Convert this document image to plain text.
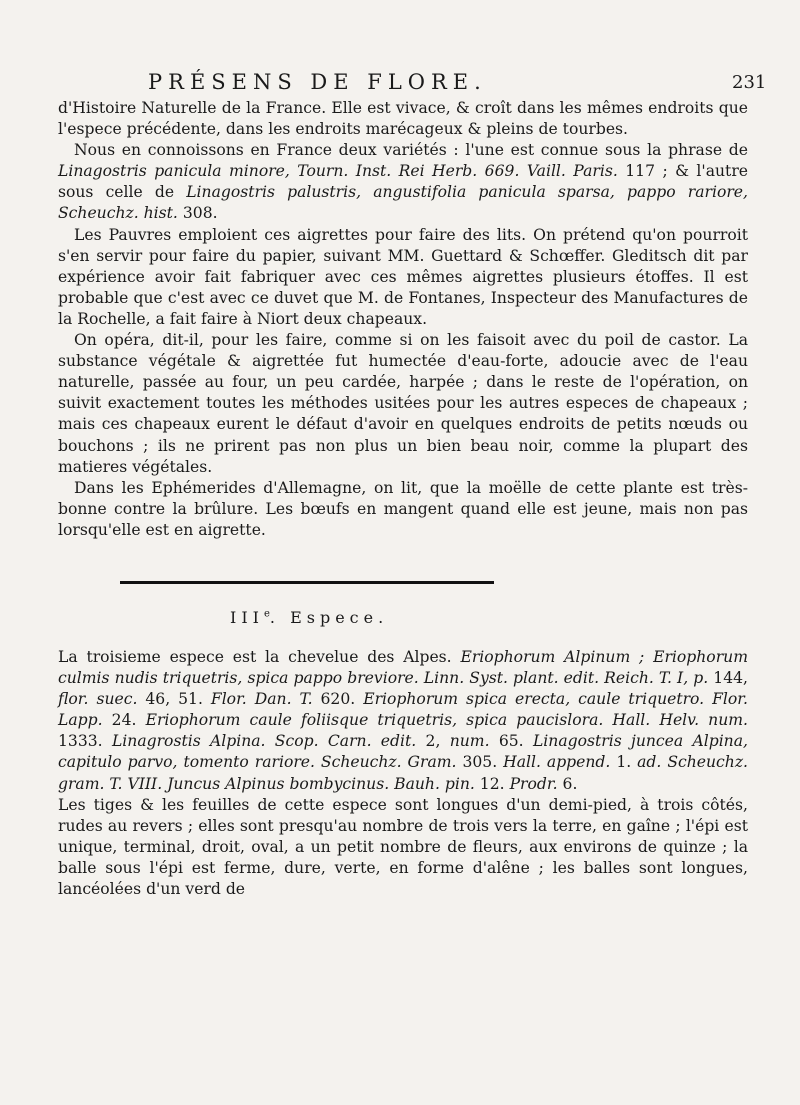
PRÉSENS DE FLORE.	231

d'Histoire Naturelle de la France. Elle est vivace, & croît dans les mêmes endroits que l'espece précédente, dans les endroits marécageux & pleins de tourbes.

Nous en connoissons en France deux variétés : l'une est connue sous la phrase de Linagostris panicula minore, Tourn. Inst. Rei Herb. 669. Vaill. Paris. 117 ; & l'autre sous celle de Linagostris palustris, angustifolia panicula sparsa, pappo rariore, Scheuchz. hist. 308.

Les Pauvres emploient ces aigrettes pour faire des lits. On prétend qu'on pourroit s'en servir pour faire du papier, suivant MM. Guettard & Schœffer. Gleditsch dit par expérience avoir fait fabriquer avec ces mêmes aigrettes plusieurs étoffes. Il est probable que c'est avec ce duvet que M. de Fontanes, Inspecteur des Manufactures de la Rochelle, a fait faire à Niort deux chapeaux.

On opéra, dit-il, pour les faire, comme si on les faisoit avec du poil de castor. La substance végétale & aigrettée fut humectée d'eau-forte, adoucie avec de l'eau naturelle, passée au four, un peu cardée, harpée ; dans le reste de l'opération, on suivit exactement toutes les méthodes usitées pour les autres especes de chapeaux ; mais ces chapeaux eurent le défaut d'avoir en quelques endroits de petits nœuds ou bouchons ; ils ne prirent pas non plus un bien beau noir, comme la plupart des matieres végétales.

Dans les Ephémerides d'Allemagne, on lit, que la moëlle de cette plante est très-bonne contre la brûlure. Les bœufs en mangent quand elle est jeune, mais non pas lorsqu'elle est en aigrette.

IIIe. Espece.

La troisieme espece est la chevelue des Alpes. Eriophorum Alpinum ; Eriophorum culmis nudis triquetris, spica pappo breviore. Linn. Syst. plant. edit. Reich. T. I, p. 144, flor. suec. 46, 51. Flor. Dan. T. 620. Eriophorum spica erecta, caule triquetro. Flor. Lapp. 24. Eriophorum caule foliisque triquetris, spica paucislora. Hall. Helv. num. 1333. Linagrostis Alpina. Scop. Carn. edit. 2, num. 65. Linagostris juncea Alpina, capitulo parvo, tomento rariore. Scheuchz. Gram. 305. Hall. append. 1. ad. Scheuchz. gram. T. VIII. Juncus Alpinus bombycinus. Bauh. pin. 12. Prodr. 6.

Les tiges & les feuilles de cette espece sont longues d'un demi-pied, à trois côtés, rudes au revers ; elles sont presqu'au nombre de trois vers la terre, en gaîne ; l'épi est unique, terminal, droit, oval, a un petit nombre de fleurs, aux environs de quinze ; la balle sous l'épi est ferme, dure, verte, en forme d'alêne ; les balles sont longues, lancéolées d'un verd de
